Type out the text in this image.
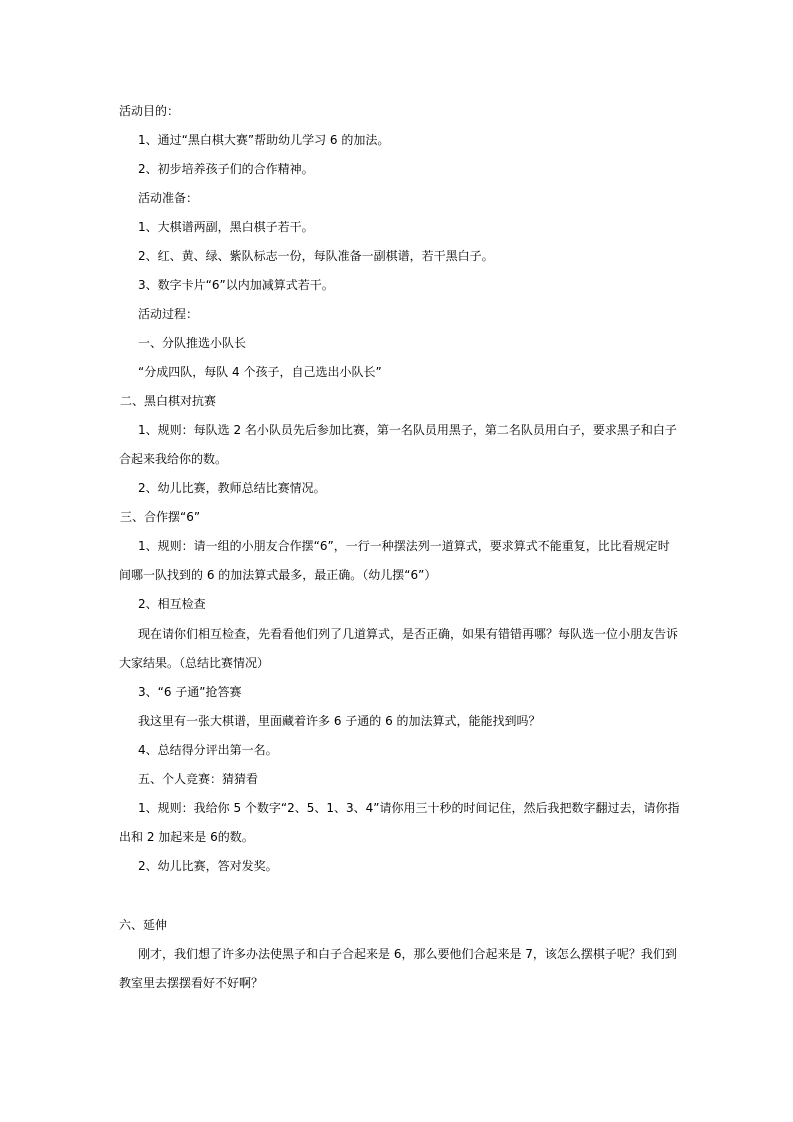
活动目的：
1、通过“黑白棋大赛”帮助幼儿学习 6 的加法。
2、初步培养孩子们的合作精神。
活动准备：
1、大棋谱两副，黑白棋子若干。
2、红、黄、绿、紫队标志一份，每队准备一副棋谱，若干黑白子。
3、数字卡片“6”以内加减算式若干。
活动过程：
一、分队推选小队长
“分成四队，每队 4 个孩子，自己选出小队长”
二、黑白棋对抗赛
1、规则：每队选 2 名小队员先后参加比赛，第一名队员用黑子，第二名队员用白子，要求黑子和白子
合起来我给你的数。
2、幼儿比赛，教师总结比赛情况。
三、合作摆“6”
1、规则：请一组的小朋友合作摆“6”，一行一种摆法列一道算式，要求算式不能重复，比比看规定时
间哪一队找到的 6 的加法算式最多，最正确。（幼儿摆“6”）
2、相互检查
现在请你们相互检查，先看看他们列了几道算式，是否正确，如果有错错再哪？每队选一位小朋友告诉
大家结果。（总结比赛情况）
3、“6 子通”抢答赛
我这里有一张大棋谱，里面藏着许多 6 子通的 6 的加法算式，能能找到吗？
4、总结得分评出第一名。
五、个人竞赛：猜猜看
1、规则：我给你 5 个数字“2、5、1、3、4”请你用三十秒的时间记住，然后我把数字翻过去，请你指
出和 2 加起来是 6的数。
2、幼儿比赛，答对发奖。
六、延伸
刚才，我们想了许多办法使黑子和白子合起来是 6，那么要他们合起来是 7，该怎么摆棋子呢？我们到
教室里去摆摆看好不好啊？
